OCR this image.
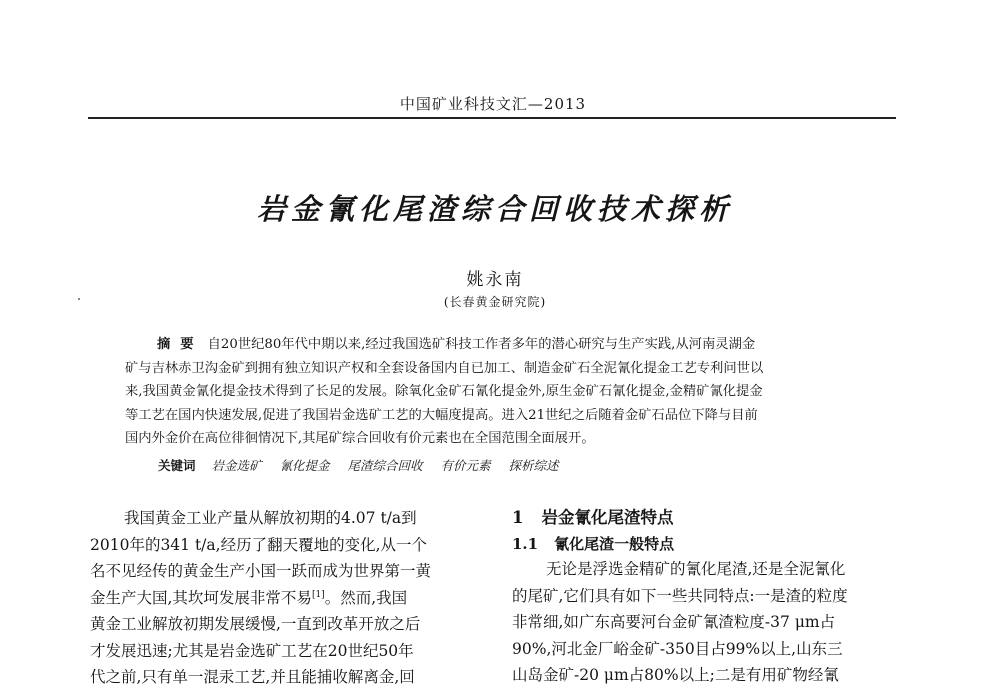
中国矿业科技文汇—2013
岩金氰化尾渣综合回收技术探析
姚永南
(长春黄金研究院)
摘要 自20世纪80年代中期以来,经过我国选矿科技工作者多年的潜心研究与生产实践,从河南灵湖金
矿与吉林赤卫沟金矿到拥有独立知识产权和全套设备国内自已加工、制造金矿石全泥氰化提金工艺专利问世以
来,我国黄金氰化提金技术得到了长足的发展。除氧化金矿石氰化提金外,原生金矿石氰化提金,金精矿氰化提金
等工艺在国内快速发展,促进了我国岩金选矿工艺的大幅度提高。进入21世纪之后随着金矿石品位下降与目前
国内外金价在高位徘徊情况下,其尾矿综合回收有价元素也在全国范围全面展开。
关键词 岩金选矿 氰化提金 尾渣综合回收 有价元素 探析综述
我国黄金工业产量从解放初期的4.07 t/a到
2010年的341 t/a,经历了翻天覆地的变化,从一个
名不见经传的黄金生产小国一跃而成为世界第一黄
金生产大国,其坎坷发展非常不易[1]。然而,我国
黄金工业解放初期发展缓慢,一直到改革开放之后
才发展迅速;尤其是岩金选矿工艺在20世纪50年
代之前,只有单一混汞工艺,并且能捕收解离金,回
1 岩金氰化尾渣特点
1.1 氰化尾渣一般特点
无论是浮选金精矿的氰化尾渣,还是全泥氰化
的尾矿,它们具有如下一些共同特点:一是渣的粒度
非常细,如广东高要河台金矿氰渣粒度-37 μm占
90%,河北金厂峪金矿-350目占99%以上,山东三
山岛金矿-20 μm占80%以上;二是有用矿物经氰
